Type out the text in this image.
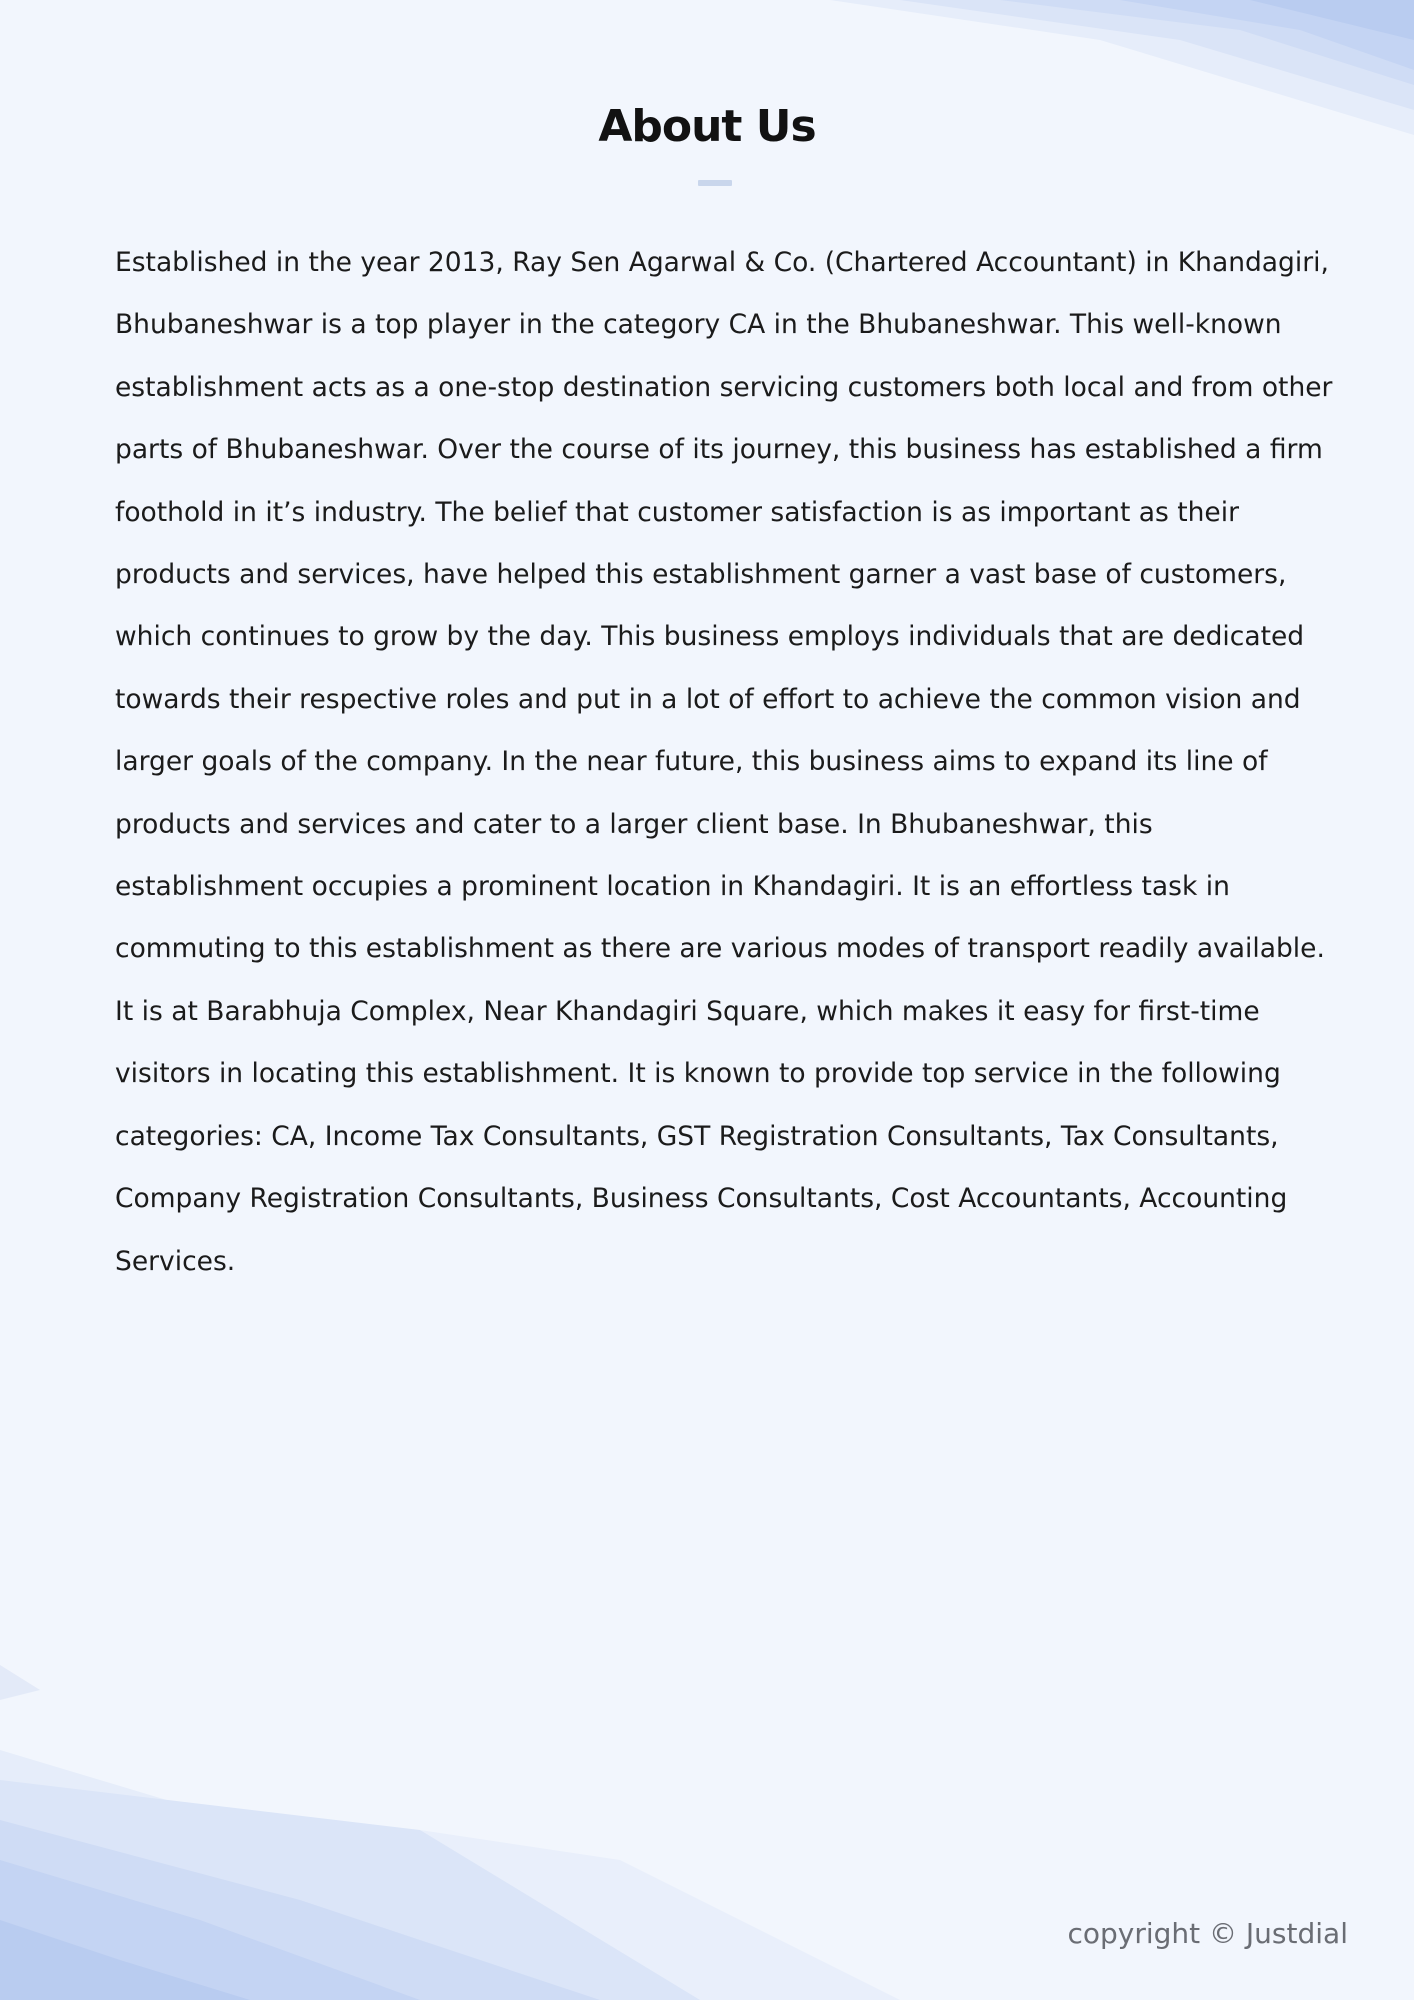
About Us

Established in the year 2013, Ray Sen Agarwal & Co. (Chartered Accountant) in Khandagiri, Bhubaneshwar is a top player in the category CA in the Bhubaneshwar. This well-known establishment acts as a one-stop destination servicing customers both local and from other parts of Bhubaneshwar. Over the course of its journey, this business has established a firm foothold in it’s industry. The belief that customer satisfaction is as important as their products and services, have helped this establishment garner a vast base of customers, which continues to grow by the day. This business employs individuals that are dedicated towards their respective roles and put in a lot of effort to achieve the common vision and larger goals of the company. In the near future, this business aims to expand its line of products and services and cater to a larger client base. In Bhubaneshwar, this establishment occupies a prominent location in Khandagiri. It is an effortless task in commuting to this establishment as there are various modes of transport readily available. It is at Barabhuja Complex, Near Khandagiri Square, which makes it easy for first-time visitors in locating this establishment. It is known to provide top service in the following categories: CA, Income Tax Consultants, GST Registration Consultants, Tax Consultants, Company Registration Consultants, Business Consultants, Cost Accountants, Accounting Services.

copyright © Justdial
